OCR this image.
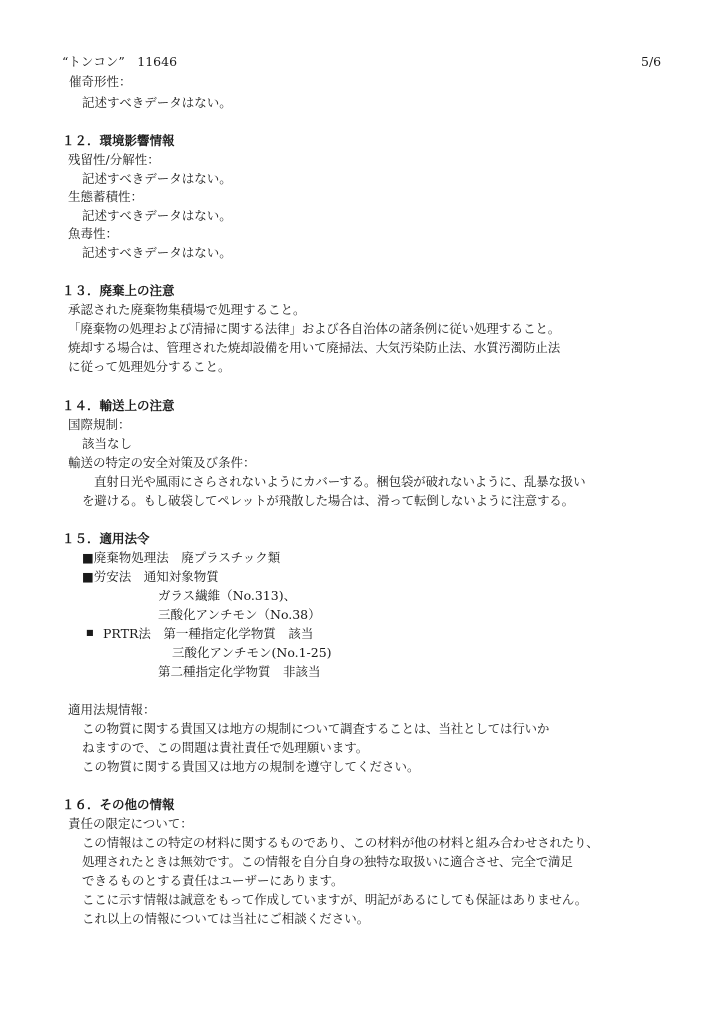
“トンコン”　11646	5/6
催奇形性：
記述すべきデータはない。
１２．環境影響情報
残留性/分解性：
記述すべきデータはない。
生態蓄積性：
記述すべきデータはない。
魚毒性：
記述すべきデータはない。
１３．廃棄上の注意
承認された廃棄物集積場で処理すること。
「廃棄物の処理および清掃に関する法律」および各自治体の諸条例に従い処理すること。
焼却する場合は、管理された焼却設備を用いて廃掃法、大気汚染防止法、水質汚濁防止法
に従って処理処分すること。
１４．輸送上の注意
国際規制：
該当なし
輸送の特定の安全対策及び条件：
直射日光や風雨にさらされないようにカバーする。梱包袋が破れないように、乱暴な扱い
を避ける。もし破袋してペレットが飛散した場合は、滑って転倒しないように注意する。
１５．適用法令
■廃棄物処理法　廃プラスチック類
■労安法　通知対象物質
ガラス繊維（No.313)、
三酸化アンチモン（No.38）
■ PRTR法　第一種指定化学物質　該当
三酸化アンチモン(No.1-25)
第二種指定化学物質　非該当
適用法規情報：
この物質に関する貴国又は地方の規制について調査することは、当社としては行いか
ねますので、この問題は貴社責任で処理願います。
この物質に関する貴国又は地方の規制を遵守してください。
１６．その他の情報
責任の限定について：
この情報はこの特定の材料に関するものであり、この材料が他の材料と組み合わせされたり、
処理されたときは無効です。この情報を自分自身の独特な取扱いに適合させ、完全で満足
できるものとする責任はユーザーにあります。
ここに示す情報は誠意をもって作成していますが、明記があるにしても保証はありません。
これ以上の情報については当社にご相談ください。
